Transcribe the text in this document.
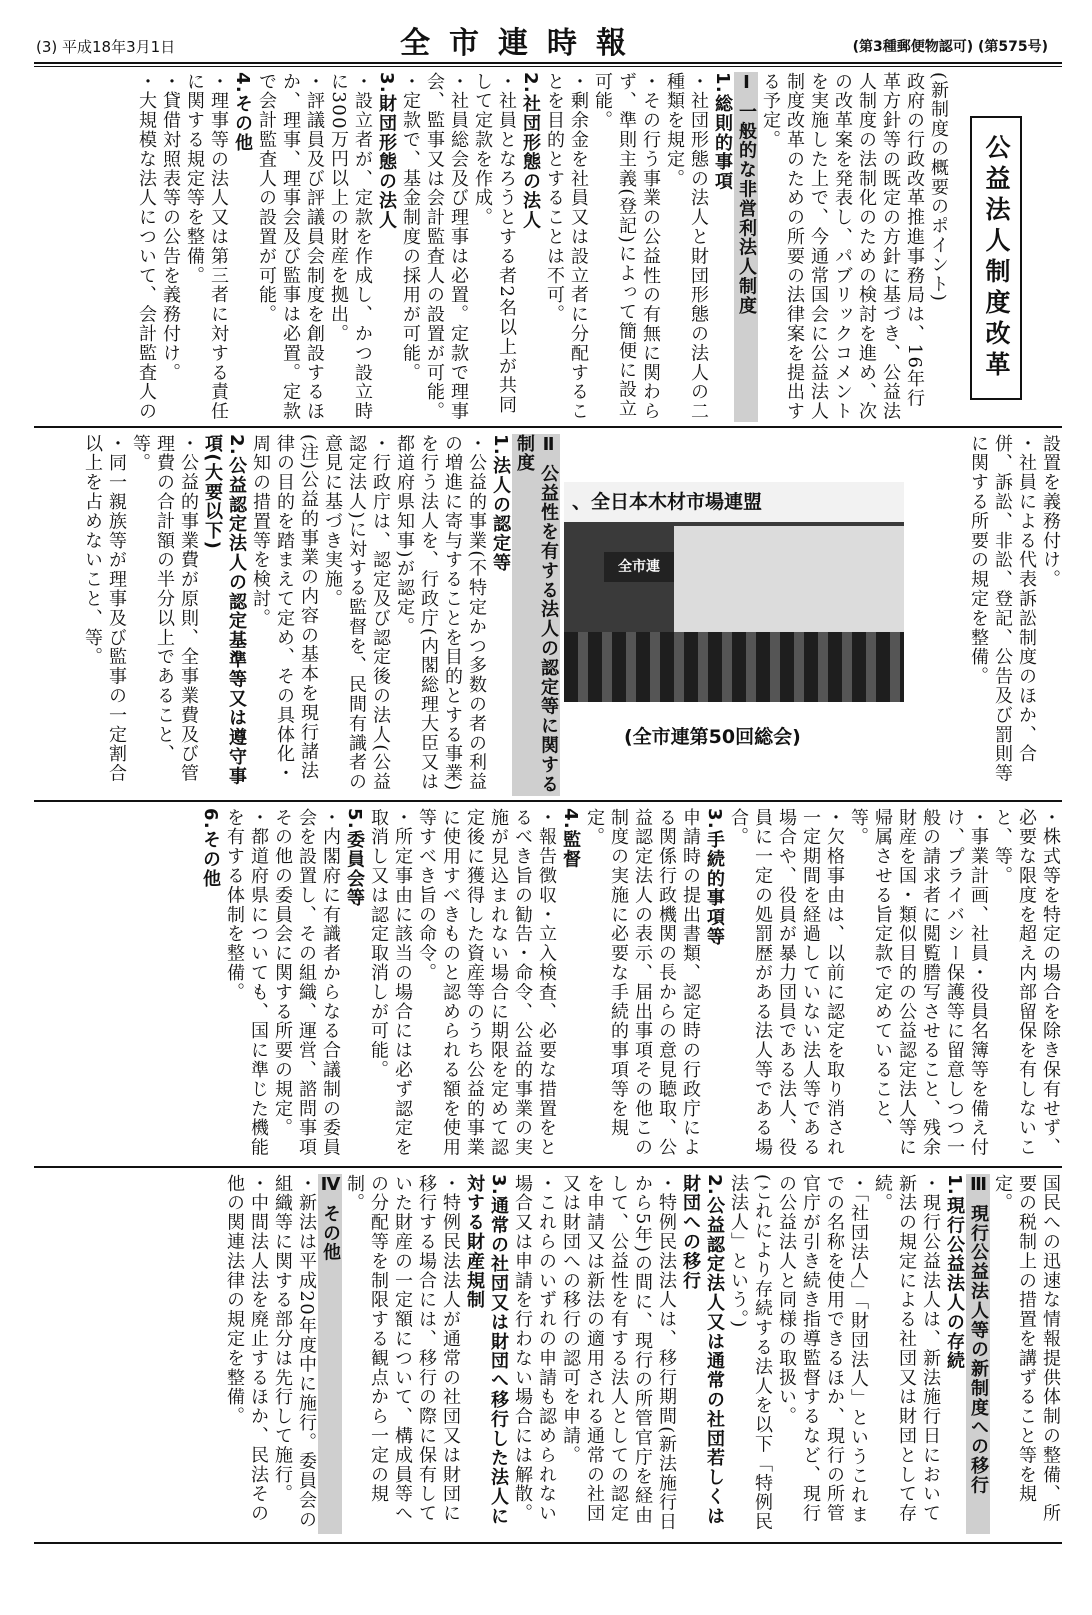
(3) 平成18年3月1日	全市連時報	(第3種郵便物認可) (第575号)
公益法人制度改革
(新制度の概要のポイント)
政府の行政改革推進事務局は、16年行革方針等の既定の方針に基づき、公益法人制度の法制化のための検討を進め、次の改革案を発表し、パブリックコメントを実施した上で、今通常国会に公益法人制度改革のための所要の法律案を提出する予定。
Ⅰ 一般的な非営利法人制度
1.総則的事項
・社団形態の法人と財団形態の法人の二種類を規定。
・その行う事業の公益性の有無に関わらず、準則主義(登記)によって簡便に設立可能。
・剰余金を社員又は設立者に分配することを目的とすることは不可。
2.社団形態の法人
・社員となろうとする者2名以上が共同して定款を作成。
・社員総会及び理事は必置。定款で理事会、監事又は会計監査人の設置が可能。
・定款で、基金制度の採用が可能。
3.財団形態の法人
・設立者が、定款を作成し、かつ設立時に300万円以上の財産を拠出。
・評議員及び評議員会制度を創設するほか、理事、理事会及び監事は必置。定款で会計監査人の設置が可能。
4.その他
・理事等の法人又は第三者に対する責任に関する規定等を整備。
・貸借対照表等の公告を義務付け。
・大規模な法人について、会計監査人の
設置を義務付け。
・社員による代表訴訟制度のほか、合併、訴訟、非訟、登記、公告及び罰則等に関する所要の規定を整備。
、全日本木材市場連盟
全市連
(全市連第50回総会)
Ⅱ 公益性を有する法人の認定等に関する制度
1.法人の認定等
・公益的事業(不特定かつ多数の者の利益の増進に寄与することを目的とする事業)を行う法人を、行政庁(内閣総理大臣又は都道府県知事)が認定。
・行政庁は、認定及び認定後の法人(公益認定法人)に対する監督を、民間有識者の意見に基づき実施。
(注)公益的事業の内容の基本を現行諸法律の目的を踏まえて定め、その具体化・周知の措置等を検討。
2.公益認定法人の認定基準等又は遵守事項(大要以下)
・公益的事業費が原則、全事業費及び管理費の合計額の半分以上であること、等。
・同一親族等が理事及び監事の一定割合以上を占めないこと、等。
・株式等を特定の場合を除き保有せず、必要な限度を超え内部留保を有しないこと、等。
・事業計画、社員・役員名簿等を備え付け、プライバシー保護等に留意しつつ一般の請求者に閲覧謄写させること、残余財産を国・類似目的の公益認定法人等に帰属させる旨定款で定めていること、等。
・欠格事由は、以前に認定を取り消され一定期間を経過していない法人等である場合や、役員が暴力団員である法人、役員に一定の処罰歴がある法人等である場合。
3.手続的事項等
申請時の提出書類、認定時の行政庁による関係行政機関の長からの意見聴取、公益認定法人の表示、届出事項その他この制度の実施に必要な手続的事項等を規定。
4.監督
・報告徴収・立入検査、必要な措置をとるべき旨の勧告・命令、公益的事業の実施が見込まれない場合に期限を定めて認定後に獲得した資産等のうち公益的事業に使用すべきものと認められる額を使用等すべき旨の命令。
・所定事由に該当の場合には必ず認定を取消し又は認定取消しが可能。
5.委員会等
・内閣府に有識者からなる合議制の委員会を設置し、その組織、運営、諮問事項その他の委員会に関する所要の規定。
・都道府県についても、国に準じた機能を有する体制を整備。
6.その他
国民への迅速な情報提供体制の整備、所要の税制上の措置を講ずること等を規定。
Ⅲ 現行公益法人等の新制度への移行
1.現行公益法人の存続
・現行公益法人は、新法施行日において新法の規定による社団又は財団として存続。
・「社団法人」「財団法人」というこれまでの名称を使用できるほか、現行の所管官庁が引き続き指導監督するなど、現行の公益法人と同様の取扱い。
(これにより存続する法人を以下「特例民法法人」という。)
2.公益認定法人又は通常の社団若しくは財団への移行
・特例民法法人は、移行期間(新法施行日から5年)の間に、現行の所管官庁を経由して、公益性を有する法人としての認定を申請又は新法の適用される通常の社団又は財団への移行の認可を申請。
・これらのいずれの申請も認められない場合又は申請を行わない場合には解散。
3.通常の社団又は財団へ移行した法人に対する財産規制
・特例民法法人が通常の社団又は財団に移行する場合には、移行の際に保有していた財産の一定額について、構成員等への分配等を制限する観点から一定の規制。
Ⅳ その他
・新法は平成20年度中に施行。委員会の組織等に関する部分は先行して施行。
・中間法人法を廃止するほか、民法その他の関連法律の規定を整備。
